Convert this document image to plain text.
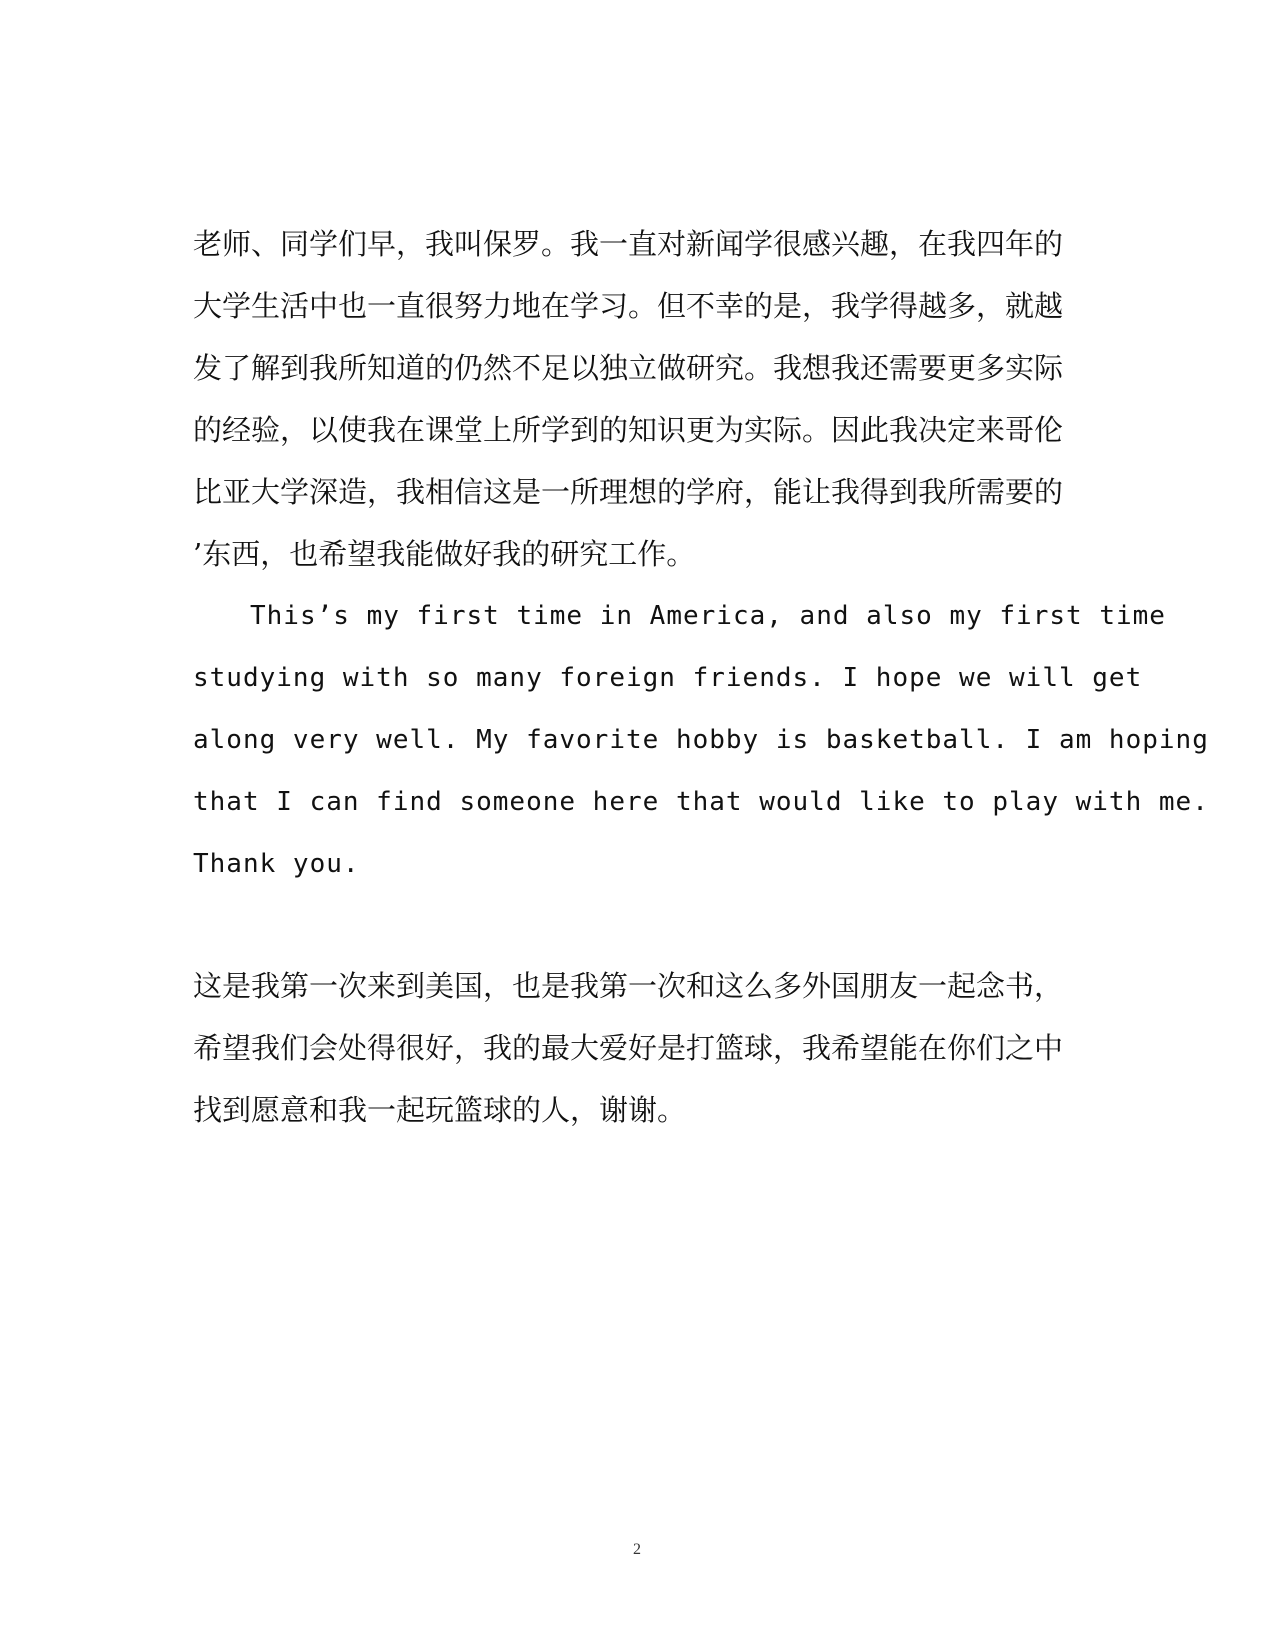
老师、同学们早，我叫保罗。我一直对新闻学很感兴趣，在我四年的

大学生活中也一直很努力地在学习。但不幸的是，我学得越多，就越

发了解到我所知道的仍然不足以独立做研究。我想我还需要更多实际

的经验，以使我在课堂上所学到的知识更为实际。因此我决定来哥伦

比亚大学深造，我相信这是一所理想的学府，能让我得到我所需要的

’东西，也希望我能做好我的研究工作。

This’s my first time in America, and also my first time

studying with so many foreign friends. I hope we will get

along very well. My favorite hobby is basketball. I am hoping

that I can find someone here that would like to play with me.

Thank you.

这是我第一次来到美国，也是我第一次和这么多外国朋友一起念书，

希望我们会处得很好，我的最大爱好是打篮球，我希望能在你们之中

找到愿意和我一起玩篮球的人，谢谢。

2
